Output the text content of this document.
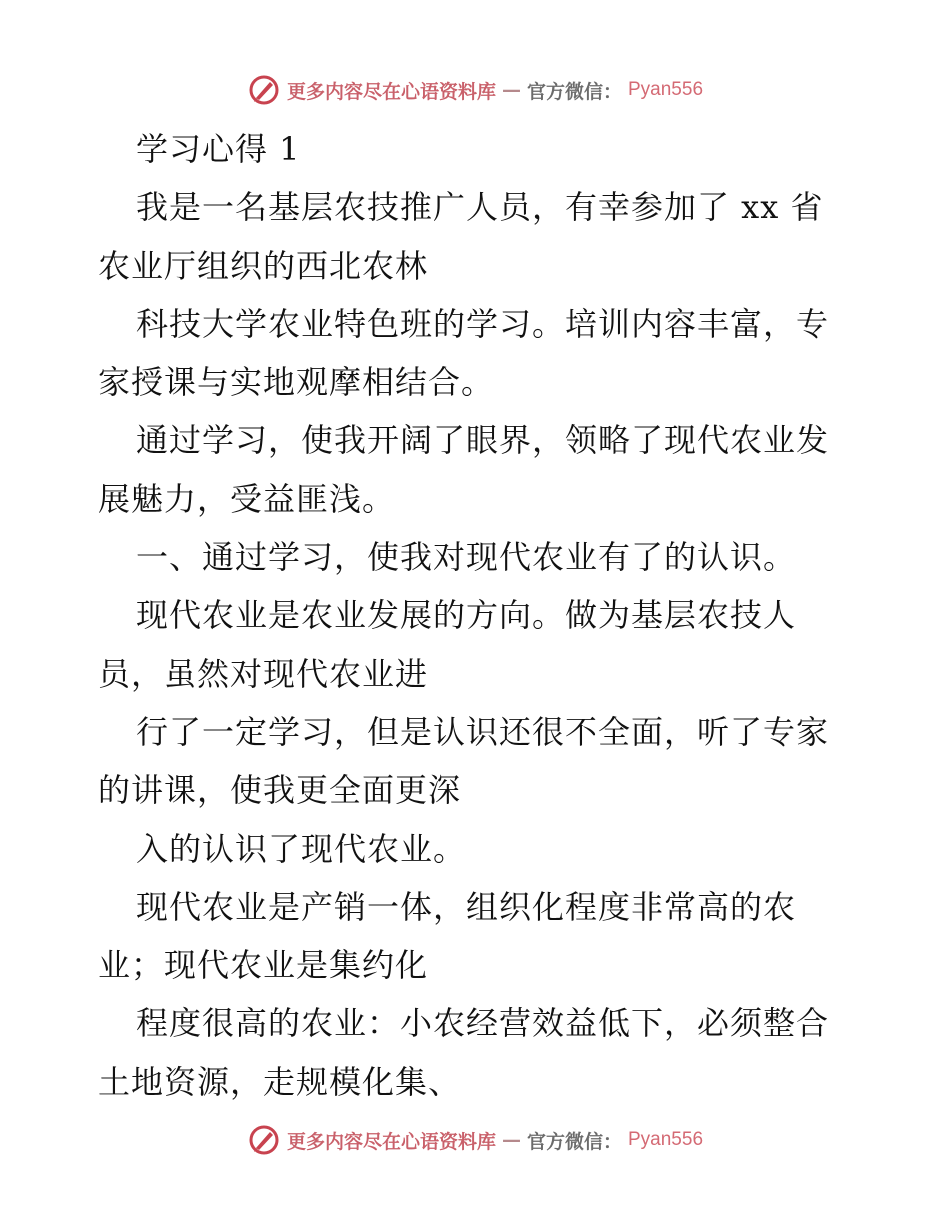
更多内容尽在心语资料库 — 官方微信： Pyan556
学习心得 1
我是一名基层农技推广人员，有幸参加了 xx 省
农业厅组织的西北农林
科技大学农业特色班的学习。培训内容丰富，专
家授课与实地观摩相结合。
通过学习，使我开阔了眼界，领略了现代农业发
展魅力，受益匪浅。
一、通过学习，使我对现代农业有了的认识。
现代农业是农业发展的方向。做为基层农技人
员，虽然对现代农业进
行了一定学习，但是认识还很不全面，听了专家
的讲课，使我更全面更深
入的认识了现代农业。
现代农业是产销一体，组织化程度非常高的农
业；现代农业是集约化
程度很高的农业：小农经营效益低下，必须整合
土地资源，走规模化集、
更多内容尽在心语资料库 — 官方微信： Pyan556
